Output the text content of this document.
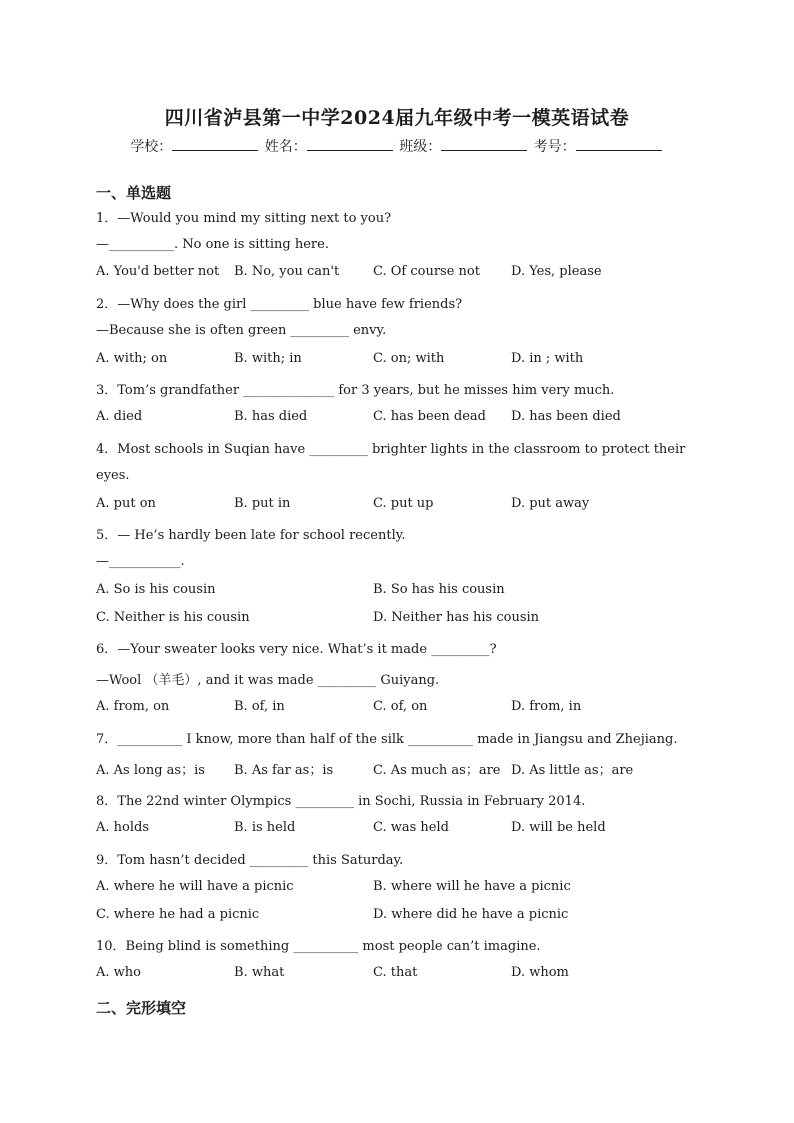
四川省泸县第一中学2024届九年级中考一模英语试卷
学校：	姓名：	班级：	考号：
一、单选题
1．—Would you mind my sitting next to you?
—__________. No one is sitting here.
A. You'd better not B. No, you can't	C. Of course not D. Yes, please
2．—Why does the girl _________ blue have few friends?
—Because she is often green _________ envy.
A. with; on	B. with; in	C. on; with	D. in ; with
3．Tom’s grandfather ______________ for 3 years, but he misses him very much.
A. died	B. has died	C. has been dead D. has been died
4．Most schools in Suqian have _________ brighter lights in the classroom to protect their
eyes.
A. put on	B. put in	C. put up	D. put away
5．— He’s hardly been late for school recently.
—___________.
A. So is his cousin	B. So has his cousin
C. Neither is his cousin	D. Neither has his cousin
6．—Your sweater looks very nice. What’s it made _________?
—Wool （羊毛）, and it was made _________ Guiyang.
A. from, on	B. of, in	C. of, on	D. from, in
7．__________ I know, more than half of the silk __________ made in Jiangsu and Zhejiang.
A. As long as；is B. As far as；is	C. As much as；are D. As little as；are
8．The 22nd winter Olympics _________ in Sochi, Russia in February 2014.
A. holds	B. is held	C. was held	D. will be held
9．Tom hasn’t decided _________ this Saturday.
A. where he will have a picnic	B. where will he have a picnic
C. where he had a picnic	D. where did he have a picnic
10．Being blind is something __________ most people can’t imagine.
A. who	B. what	C. that	D. whom
二、完形填空
